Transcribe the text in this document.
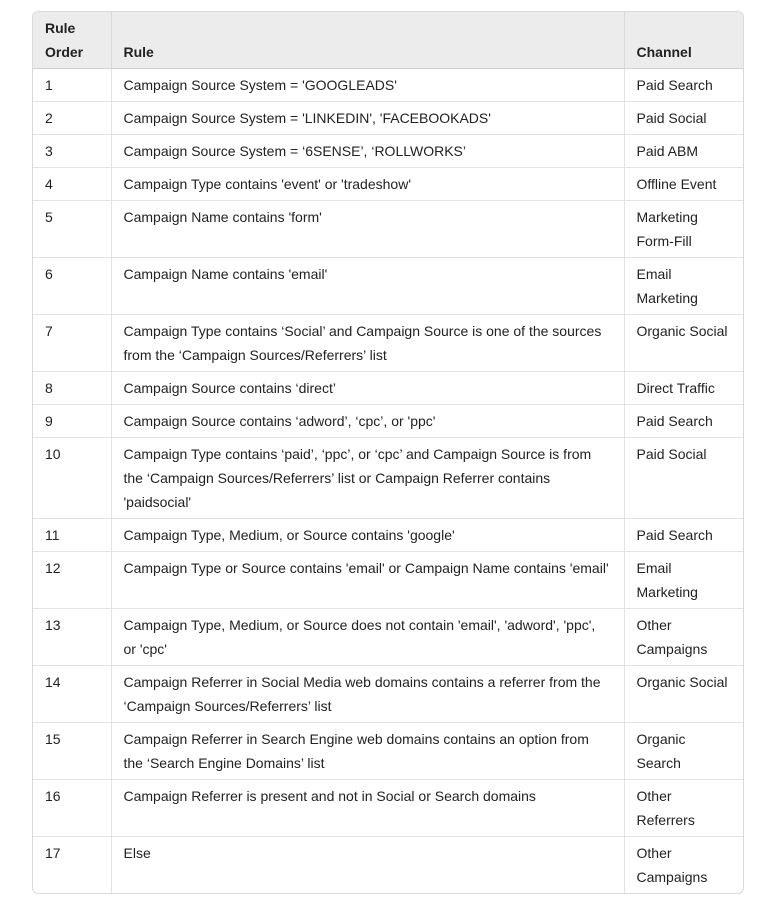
Rule Order	Rule	Channel
1	Campaign Source System = 'GOOGLEADS'	Paid Search
2	Campaign Source System = 'LINKEDIN', 'FACEBOOKADS'	Paid Social
3	Campaign Source System = ‘6SENSE’, ‘ROLLWORKS’	Paid ABM
4	Campaign Type contains 'event' or 'tradeshow'	Offline Event
5	Campaign Name contains 'form'	Marketing Form-Fill
6	Campaign Name contains 'email'	Email Marketing
7	Campaign Type contains ‘Social’ and Campaign Source is one of the sources from the ‘Campaign Sources/Referrers’ list	Organic Social
8	Campaign Source contains ‘direct’	Direct Traffic
9	Campaign Source contains ‘adword’, ‘cpc’, or 'ppc'	Paid Search
10	Campaign Type contains ‘paid’, ‘ppc’, or ‘cpc’ and Campaign Source is from the ‘Campaign Sources/Referrers’ list or Campaign Referrer contains 'paidsocial'	Paid Social
11	Campaign Type, Medium, or Source contains 'google'	Paid Search
12	Campaign Type or Source contains 'email' or Campaign Name contains 'email'	Email Marketing
13	Campaign Type, Medium, or Source does not contain 'email', 'adword', 'ppc', or 'cpc'	Other Campaigns
14	Campaign Referrer in Social Media web domains contains a referrer from the ‘Campaign Sources/Referrers’ list	Organic Social
15	Campaign Referrer in Search Engine web domains contains an option from the ‘Search Engine Domains’ list	Organic Search
16	Campaign Referrer is present and not in Social or Search domains	Other Referrers
17	Else	Other Campaigns
